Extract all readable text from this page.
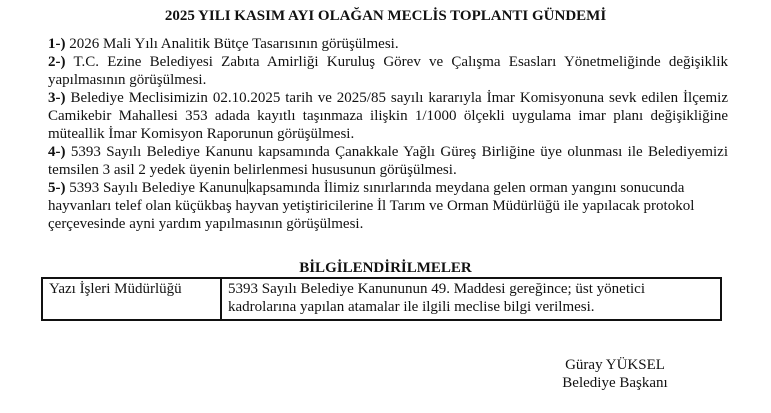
2025 YILI KASIM AYI OLAĞAN MECLİS TOPLANTI GÜNDEMİ

1-) 2026 Mali Yılı Analitik Bütçe Tasarısının görüşülmesi.

2-) T.C. Ezine Belediyesi Zabıta Amirliği Kuruluş Görev ve Çalışma Esasları Yönetmeliğinde değişiklik yapılmasının görüşülmesi.

3-) Belediye Meclisimizin 02.10.2025 tarih ve 2025/85 sayılı kararıyla İmar Komisyonuna sevk edilen İlçemiz Camikebir Mahallesi 353 adada kayıtlı taşınmaza ilişkin 1/1000 ölçekli uygulama imar planı değişikliğine müteallik İmar Komisyon Raporunun görüşülmesi.

4-) 5393 Sayılı Belediye Kanunu kapsamında Çanakkale Yağlı Güreş Birliğine üye olunması ile Belediyemizi temsilen 3 asil 2 yedek üyenin belirlenmesi hususunun görüşülmesi.

5-) 5393 Sayılı Belediye Kanunu kapsamında İlimiz sınırlarında meydana gelen orman yangını sonucunda hayvanları telef olan küçükbaş hayvan yetiştiricilerine İl Tarım ve Orman Müdürlüğü ile yapılacak protokol çerçevesinde ayni yardım yapılmasının görüşülmesi.

BİLGİLENDİRİLMELER
Yazı İşleri Müdürlüğü	5393 Sayılı Belediye Kanununun 49. Maddesi gereğince; üst yönetici kadrolarına yapılan atamalar ile ilgili meclise bilgi verilmesi.
Güray YÜKSEL
Belediye Başkanı
